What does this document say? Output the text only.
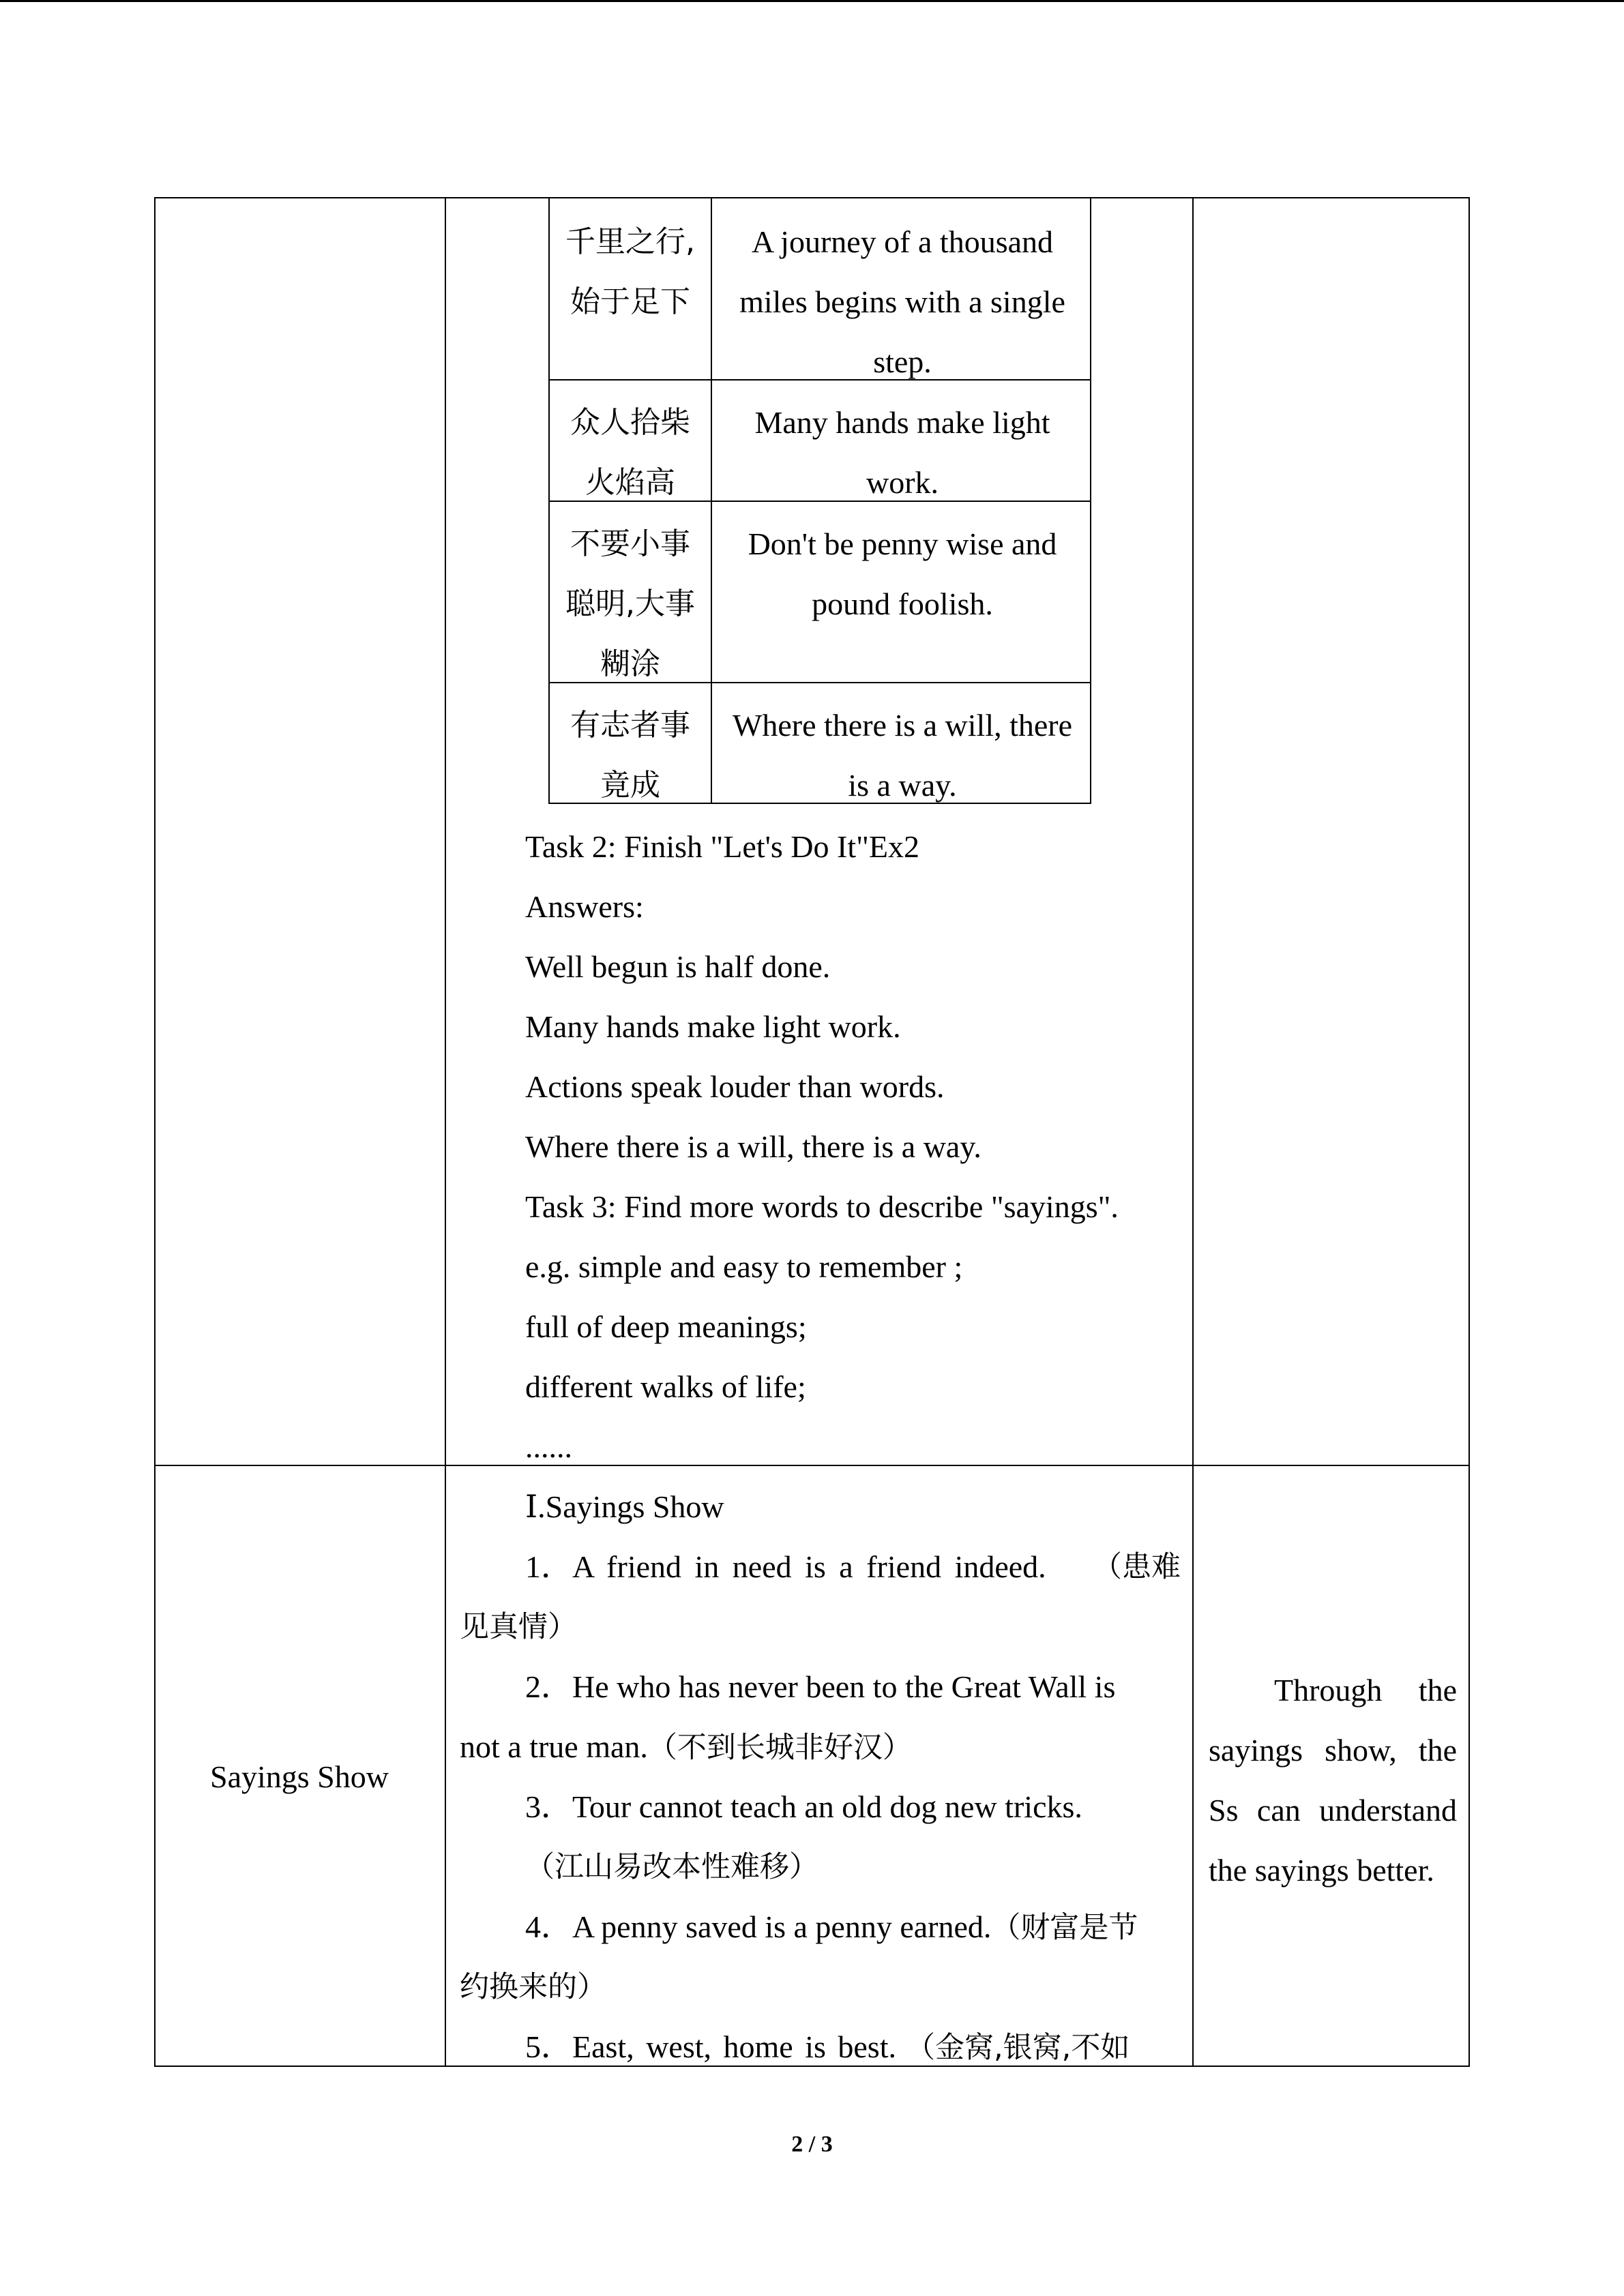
千里之行,始于足下
A journey of a thousand miles begins with a single step.
众人拾柴火焰高
Many hands make light work.
不要小事聪明,大事糊涂
Don't be penny wise and pound foolish.
有志者事竟成
Where there is a will, there is a way.
Task 2: Finish "Let's Do It"Ex2
Answers:
Well begun is half done.
Many hands make light work.
Actions speak louder than words.
Where there is a will, there is a way.
Task 3: Find more words to describe "sayings".
e.g. simple and easy to remember ;
full of deep meanings;
different walks of life;
......
Sayings Show
Ⅰ.Sayings Show
1．A friend in need is a friend indeed. （患难
见真情）
2．He who has never been to the Great Wall is
not a true man.（不到长城非好汉）
3．Tour cannot teach an old dog new tricks.
（江山易改本性难移）
4．A penny saved is a penny earned.（财富是节
约换来的）
5．East, west, home is best. （金窝,银窝,不如
Through the
sayings show, the
Ss can understand
the sayings better.
2 / 3
